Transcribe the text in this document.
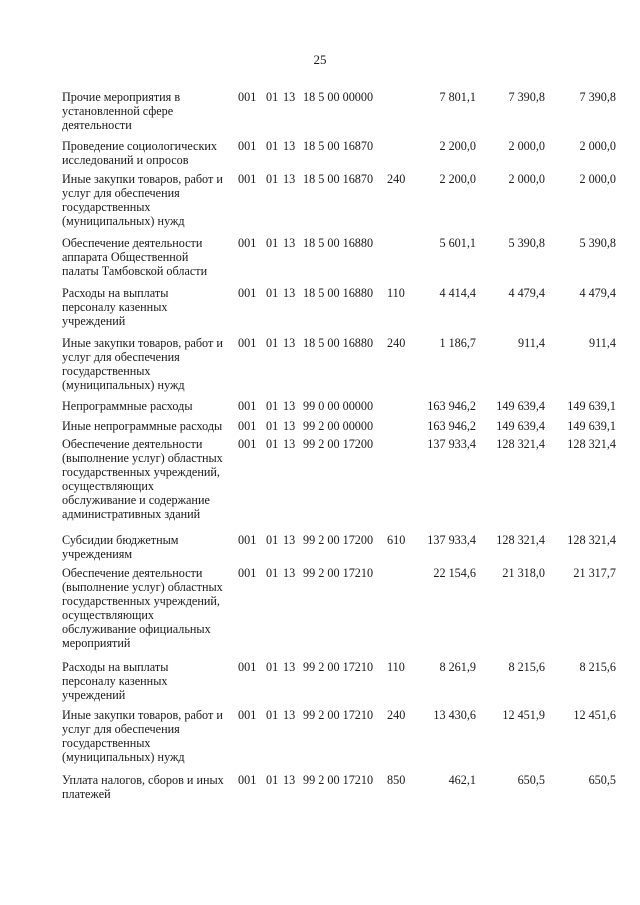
25
Прочие мероприятия в
установленной сфере
деятельности
001 01 13 18 5 00 00000	7 801,1	7 390,8	7 390,8
Проведение социологических
исследований и опросов
001 01 13 18 5 00 16870	2 200,0	2 000,0	2 000,0
Иные закупки товаров, работ и
услуг для обеспечения
государственных
(муниципальных) нужд
001 01 13 18 5 00 16870 240	2 200,0	2 000,0	2 000,0
Обеспечение деятельности
аппарата Общественной
палаты Тамбовской области
001 01 13 18 5 00 16880	5 601,1	5 390,8	5 390,8
Расходы на выплаты
персоналу казенных
учреждений
001 01 13 18 5 00 16880 110	4 414,4	4 479,4	4 479,4
Иные закупки товаров, работ и
услуг для обеспечения
государственных
(муниципальных) нужд
001 01 13 18 5 00 16880 240	1 186,7	911,4	911,4
Непрограммные расходы	001 01 13 99 0 00 00000	163 946,2	149 639,4	149 639,1
Иные непрограммные расходы	001 01 13 99 2 00 00000	163 946,2	149 639,4	149 639,1
Обеспечение деятельности
(выполнение услуг) областных
государственных учреждений,
осуществляющих
обслуживание и содержание
административных зданий
001 01 13 99 2 00 17200	137 933,4	128 321,4	128 321,4
Субсидии бюджетным
учреждениям
001 01 13 99 2 00 17200 610	137 933,4	128 321,4	128 321,4
Обеспечение деятельности
(выполнение услуг) областных
государственных учреждений,
осуществляющих
обслуживание официальных
мероприятий
001 01 13 99 2 00 17210	22 154,6	21 318,0	21 317,7
Расходы на выплаты
персоналу казенных
учреждений
001 01 13 99 2 00 17210 110	8 261,9	8 215,6	8 215,6
Иные закупки товаров, работ и
услуг для обеспечения
государственных
(муниципальных) нужд
001 01 13 99 2 00 17210 240	13 430,6	12 451,9	12 451,6
Уплата налогов, сборов и иных
платежей
001 01 13 99 2 00 17210 850	462,1	650,5	650,5
